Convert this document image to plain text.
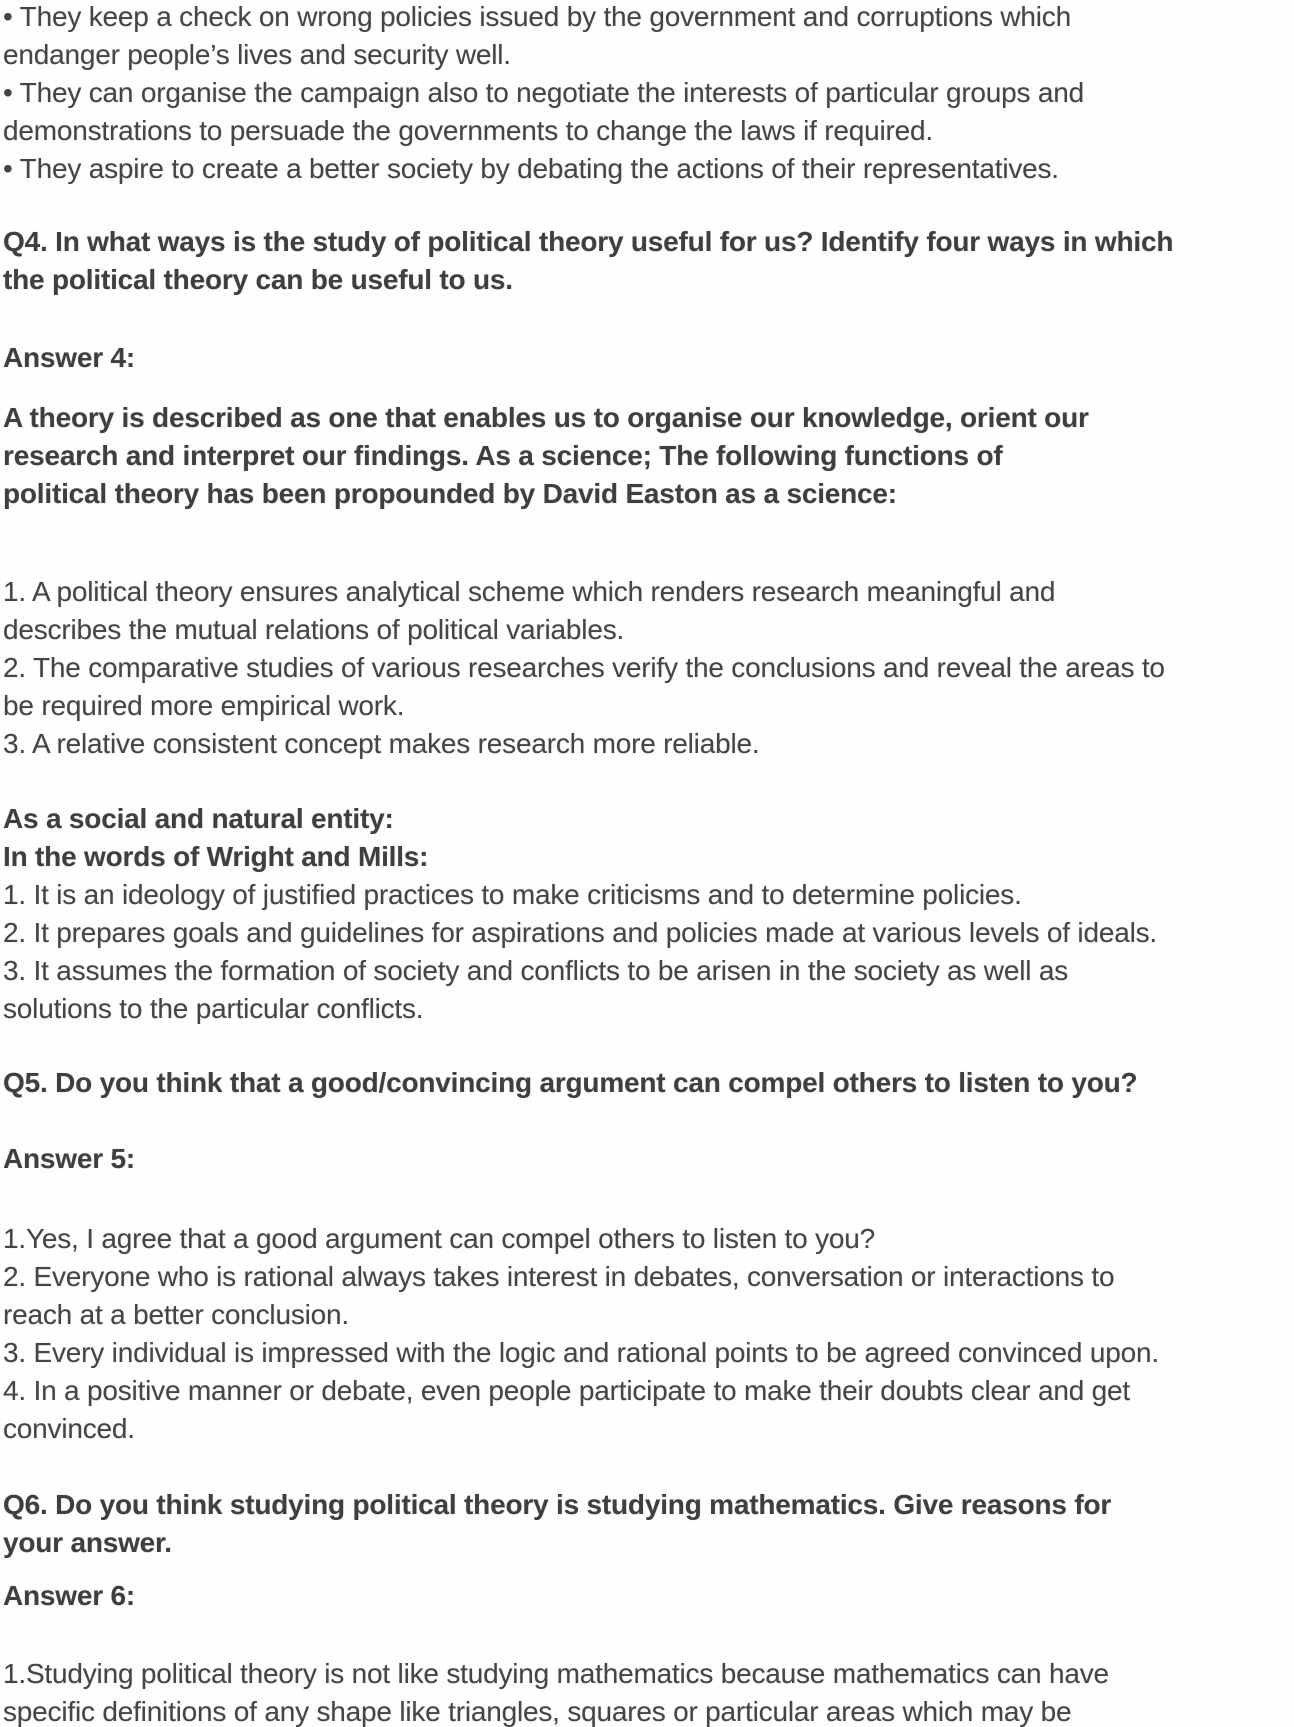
• They keep a check on wrong policies issued by the government and corruptions which
endanger people’s lives and security well.
• They can organise the campaign also to negotiate the interests of particular groups and
demonstrations to persuade the governments to change the laws if required.
• They aspire to create a better society by debating the actions of their representatives.
Q4. In what ways is the study of political theory useful for us? Identify four ways in which
the political theory can be useful to us.
Answer 4:
A theory is described as one that enables us to organise our knowledge, orient our
research and interpret our findings. As a science; The following functions of
political theory has been propounded by David Easton as a science:
1. A political theory ensures analytical scheme which renders research meaningful and
describes the mutual relations of political variables.
2. The comparative studies of various researches verify the conclusions and reveal the areas to
be required more empirical work.
3. A relative consistent concept makes research more reliable.
As a social and natural entity:
In the words of Wright and Mills:
1. It is an ideology of justified practices to make criticisms and to determine policies.
2. It prepares goals and guidelines for aspirations and policies made at various levels of ideals.
3. It assumes the formation of society and conflicts to be arisen in the society as well as
solutions to the particular conflicts.
Q5. Do you think that a good/convincing argument can compel others to listen to you?
Answer 5:
1.Yes, I agree that a good argument can compel others to listen to you?
2. Everyone who is rational always takes interest in debates, conversation or interactions to
reach at a better conclusion.
3. Every individual is impressed with the logic and rational points to be agreed convinced upon.
4. In a positive manner or debate, even people participate to make their doubts clear and get
convinced.
Q6. Do you think studying political theory is studying mathematics. Give reasons for
your answer.
Answer 6:
1.Studying political theory is not like studying mathematics because mathematics can have
specific definitions of any shape like triangles, squares or particular areas which may be
